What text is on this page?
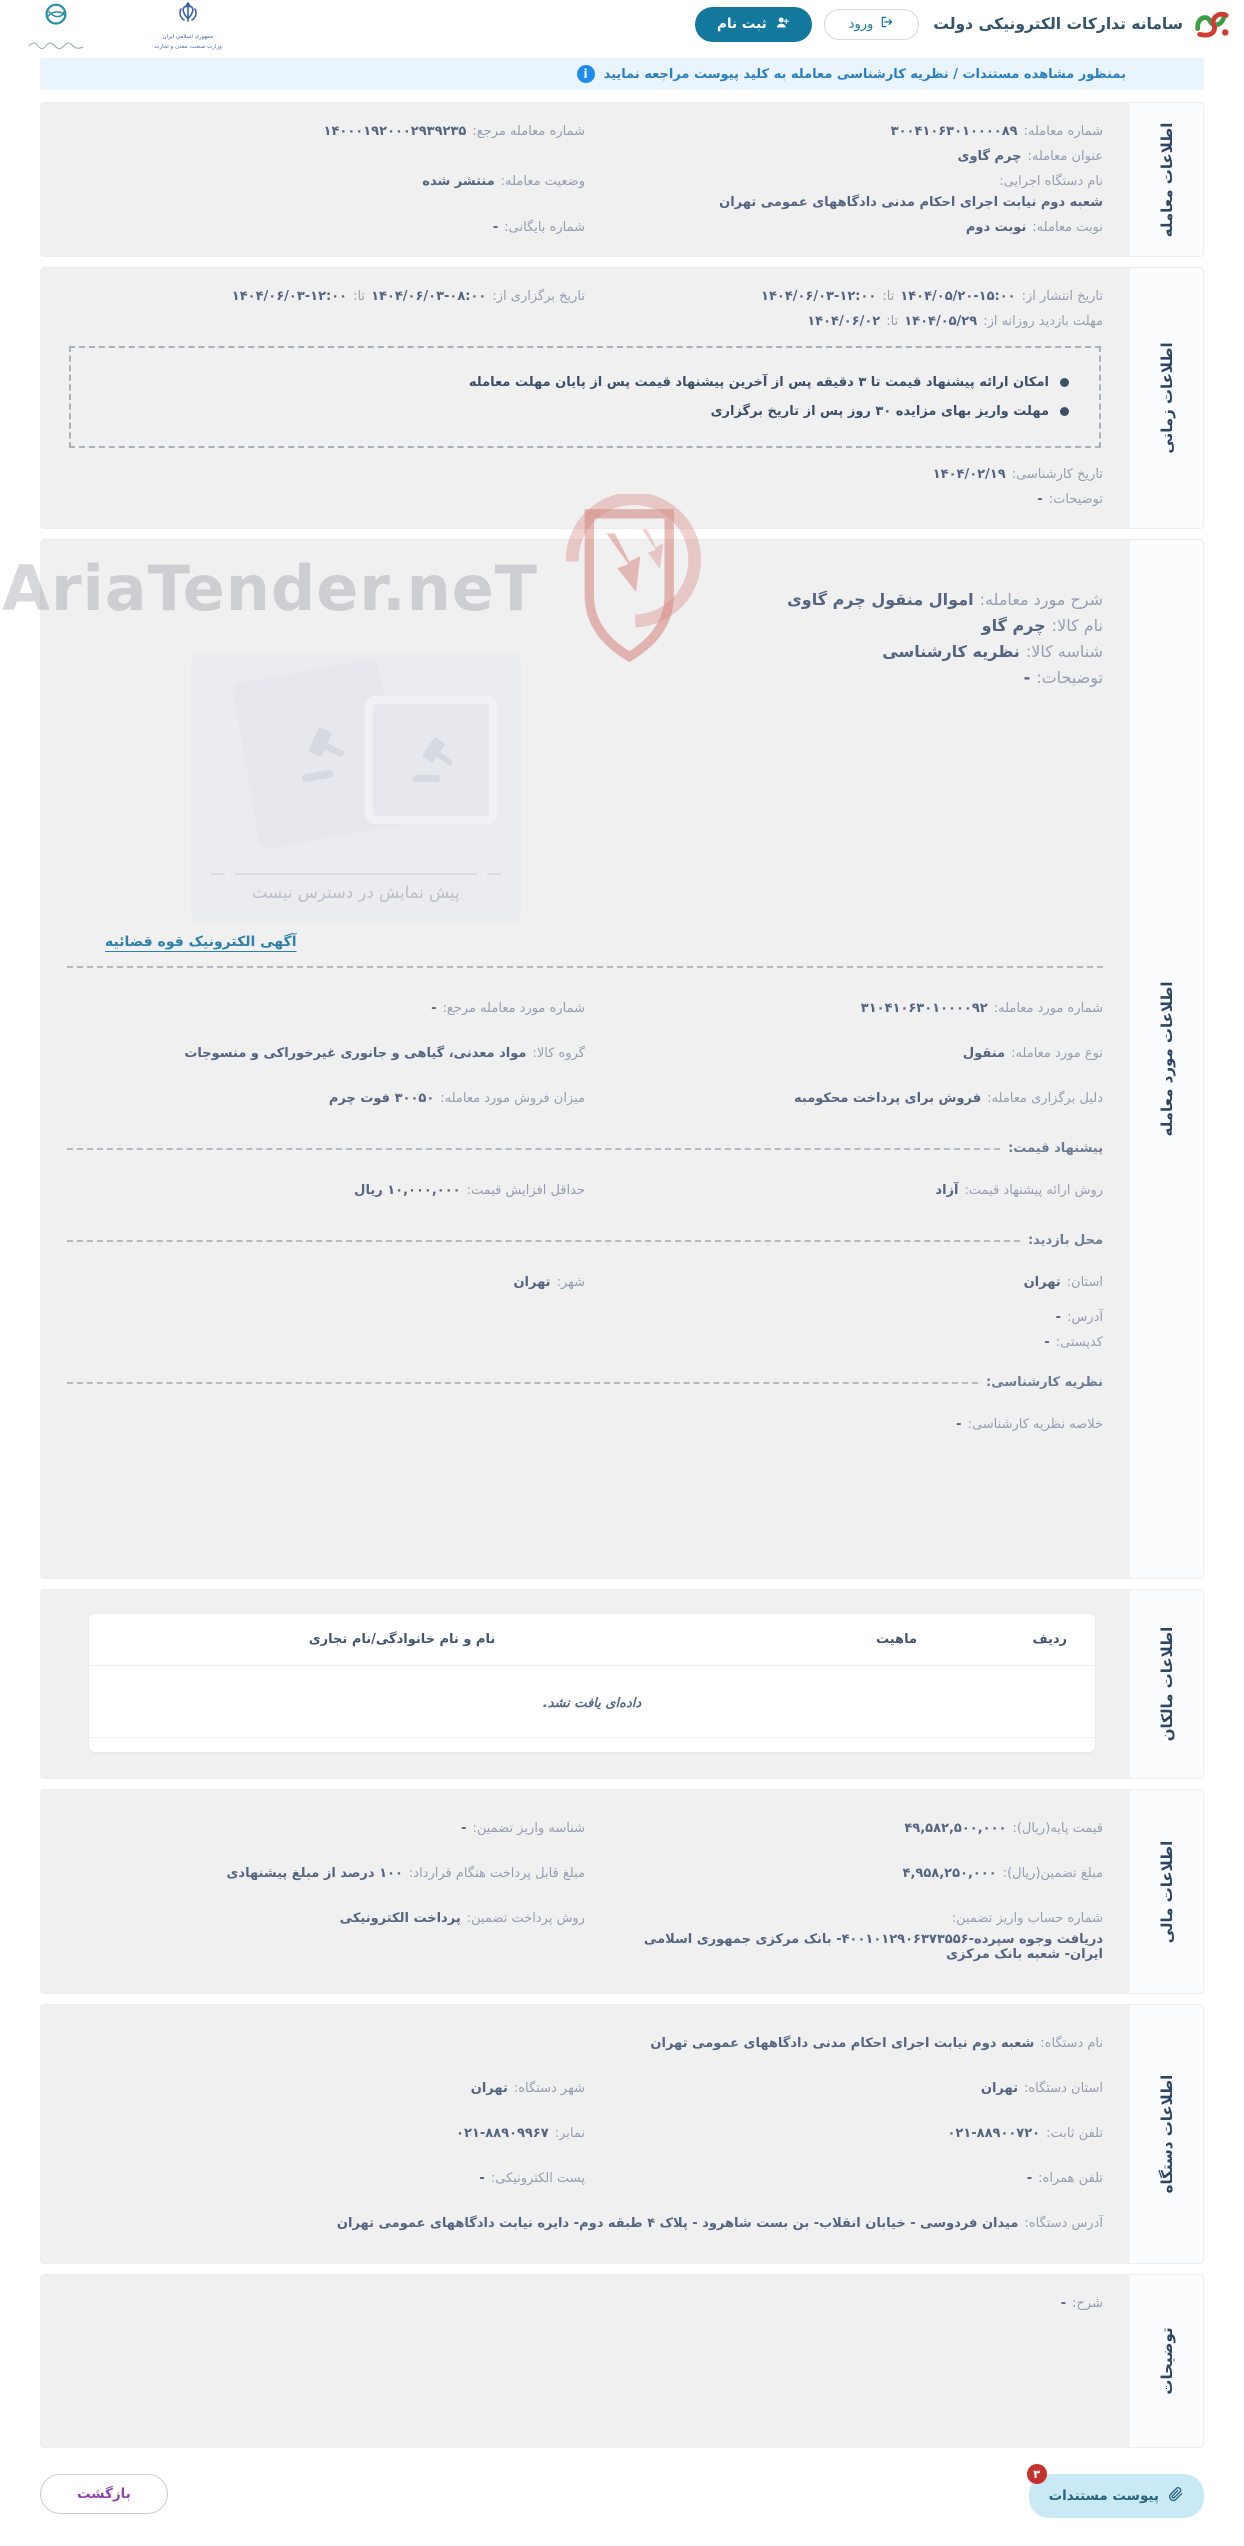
سامانه تدارکات الکترونیکی دولت
ورود
ثبت نام
جمهوری اسلامی ایران
وزارت صنعت، معدن و تجارت
بمنظور مشاهده مستندات / نظریه کارشناسی معامله به کلید پیوست مراجعه نمایید
i
اطلاعات معامله
شماره معامله:
۳۰۰۴۱۰۶۳۰۱۰۰۰۰۸۹
شماره معامله مرجع:
۱۴۰۰۰۱۹۲۰۰۰۲۹۳۹۲۳۵
عنوان معامله:
چرم گاوی
نام دستگاه اجرایی:
شعبه دوم نیابت اجرای احکام مدنی دادگاههای عمومی تهران
وضعیت معامله:
منتشر شده
نوبت معامله:
نوبت دوم
شماره بایگانی:
-
اطلاعات زمانی
تاریخ انتشار از:
۱۴۰۴/۰۵/۲۰-۱۵:۰۰
تا:
۱۴۰۴/۰۶/۰۳-۱۲:۰۰
تاریخ برگزاری از:
۱۴۰۴/۰۶/۰۳-۰۸:۰۰
تا:
۱۴۰۴/۰۶/۰۳-۱۲:۰۰
مهلت بازدید روزانه از:
۱۴۰۴/۰۵/۲۹
تا:
۱۴۰۴/۰۶/۰۲
امکان ارائه پیشنهاد قیمت تا ۳ دقیقه پس از آخرین پیشنهاد قیمت پس از پایان مهلت معامله
مهلت واریز بهای مزایده ۳۰ روز پس از تاریخ برگزاری
تاریخ کارشناسی:
۱۴۰۴/۰۲/۱۹
توضیحات:
-
اطلاعات مورد معامله
شرح مورد معامله:
اموال منقول چرم گاوی
نام کالا:
چرم گاو
شناسه کالا:
نظریه کارشناسی
توضیحات:
-
پیش نمایش در دسترس نیست
آگهی الکترونیک قوه قضائیه
شماره مورد معامله:
۳۱۰۴۱۰۶۳۰۱۰۰۰۰۹۲
شماره مورد معامله مرجع:
-
نوع مورد معامله:
منقول
گروه کالا:
مواد معدنی، گیاهی و جانوری غیرخوراکی و منسوجات
دلیل برگزاری معامله:
فروش برای پرداخت محکومبه
میزان فروش مورد معامله:
۳۰۰۵۰ فوت چرم
پیشنهاد قیمت:
روش ارائه پیشنهاد قیمت:
آزاد
حداقل افزایش قیمت:
۱۰,۰۰۰,۰۰۰ ریال
محل بازدید:
استان:
تهران
شهر:
تهران
آدرس:
-
کدپستی:
-
نظریه کارشناسی:
خلاصه نظریه کارشناسی:
-
اطلاعات مالکان
ردیف
ماهیت
نام و نام خانوادگی/نام تجاری
داده‌ای یافت نشد.
اطلاعات مالی
قیمت پایه(ریال):
۴۹,۵۸۲,۵۰۰,۰۰۰
شناسه واریز تضمین:
-
مبلغ تضمین(ریال):
۴,۹۵۸,۲۵۰,۰۰۰
مبلغ قابل پرداخت هنگام قرارداد:
۱۰۰ درصد از مبلغ پیشنهادی
شماره حساب واریز تضمین:
دریافت وجوه سپرده-۴۰۰۱۰۱۲۹۰۶۳۷۳۵۵۶- بانک مرکزی جمهوری اسلامی ایران- شعبه بانک مرکزی
روش پرداخت تضمین:
پرداخت الکترونیکی
اطلاعات دستگاه
نام دستگاه:
شعبه دوم نیابت اجرای احکام مدنی دادگاههای عمومی تهران
استان دستگاه:
تهران
شهر دستگاه:
تهران
تلفن ثابت:
۰۲۱-۸۸۹۰۰۷۲۰
نمابر:
۰۲۱-۸۸۹۰۹۹۶۷
تلفن همراه:
-
پست الکترونیکی:
-
آدرس دستگاه:
میدان فردوسی - خیابان انقلاب- بن بست شاهرود - پلاک ۴ طبقه دوم- دایره نیابت دادگاههای عمومی تهران
توضیحات
شرح:
-
۳
پیوست مستندات
بازگشت
AriaTender.neT
